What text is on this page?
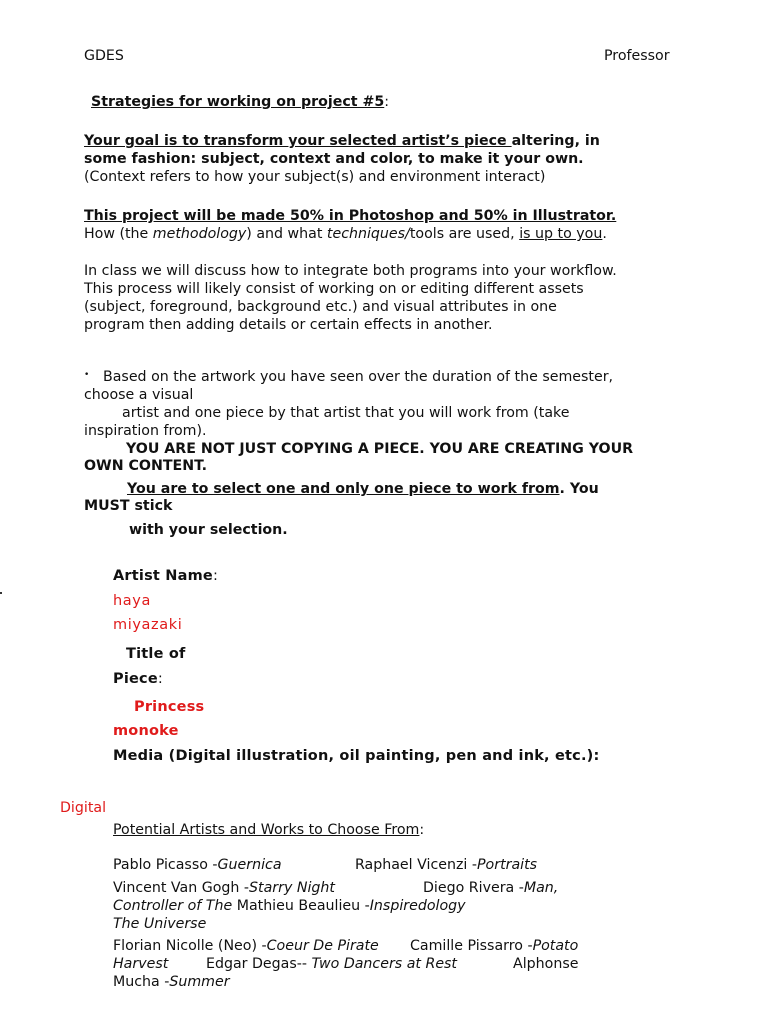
GDES	Professor
Strategies for working on project #5:
Your goal is to transform your selected artist’s piece altering, in
some fashion: subject, context and color, to make it your own.
(Context refers to how your subject(s) and environment interact)
This project will be made 50% in Photoshop and 50% in Illustrator.
How (the methodology) and what techniques/tools are used, is up to you.
In class we will discuss how to integrate both programs into your workflow.
This process will likely consist of working on or editing different assets
(subject, foreground, background etc.) and visual attributes in one
program then adding details or certain effects in another.
• Based on the artwork you have seen over the duration of the semester,
choose a visual
artist and one piece by that artist that you will work from (take
inspiration from).
YOU ARE NOT JUST COPYING A PIECE. YOU ARE CREATING YOUR
OWN CONTENT.
You are to select one and only one piece to work from. You
MUST stick
with your selection.
Artist Name:
haya
miyazaki
Title of
Piece:
Princess
monoke
Media (Digital illustration, oil painting, pen and ink, etc.):
Digital
Potential Artists and Works to Choose From:
Pablo Picasso -Guernica	Raphael Vicenzi -Portraits
Vincent Van Gogh -Starry Night	Diego Rivera -Man,
Controller of The Mathieu Beaulieu -Inspiredology
The Universe
Florian Nicolle (Neo) -Coeur De Pirate Camille Pissarro -Potato
Harvest	Edgar Degas-- Two Dancers at Rest	Alphonse
Mucha -Summer
